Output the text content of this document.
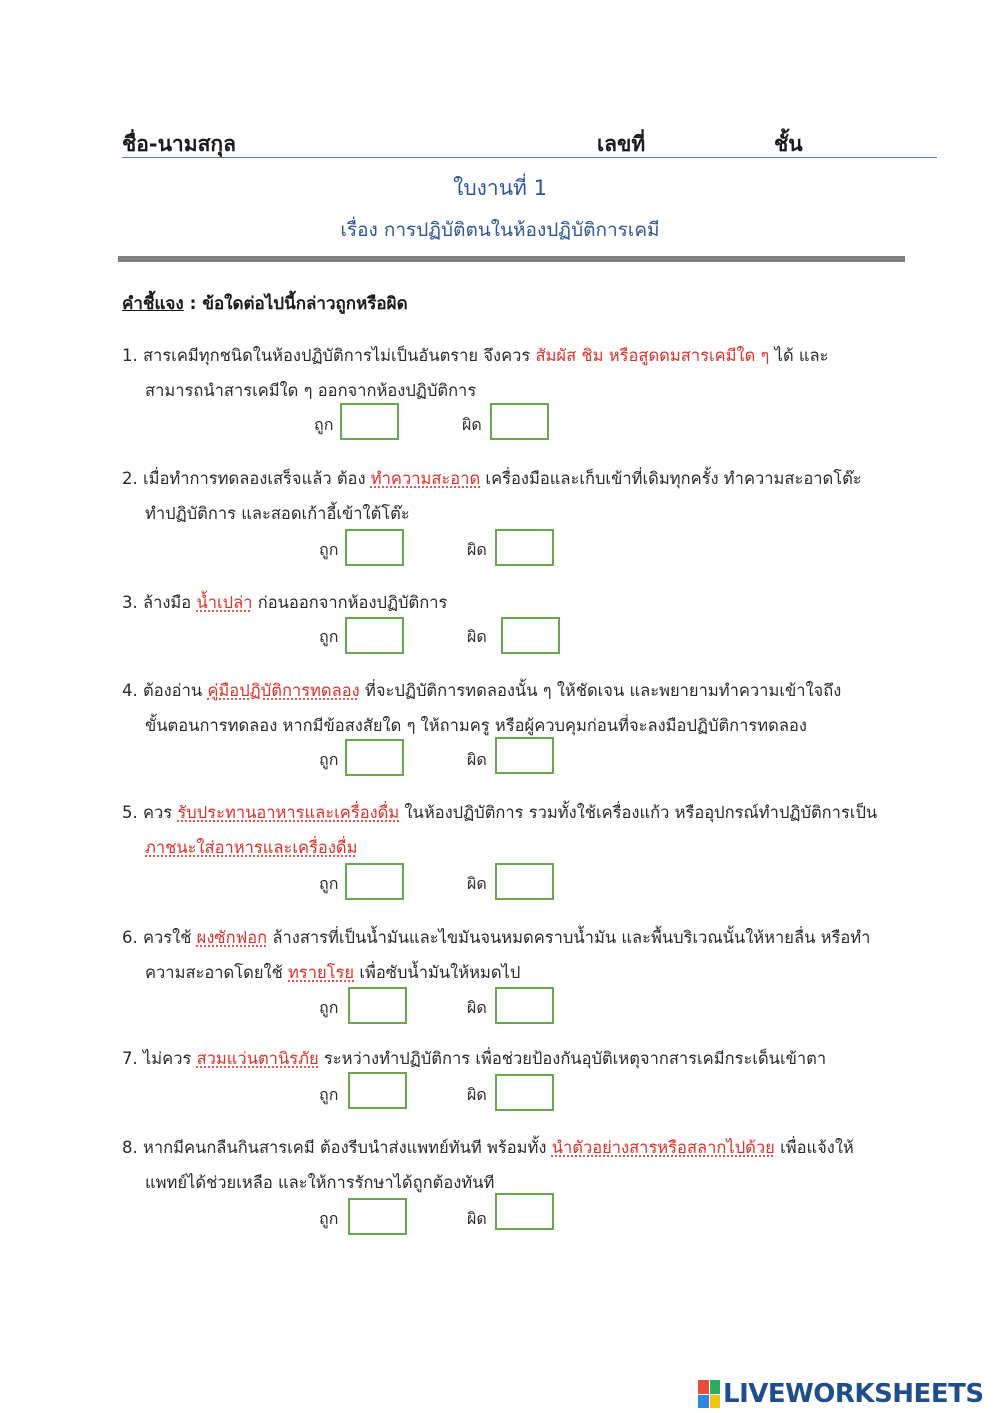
ชื่อ-นามสกุล	เลขที่	ชั้น
ใบงานที่ 1
เรื่อง การปฏิบัติตนในห้องปฏิบัติการเคมี
คำชี้แจง : ข้อใดต่อไปนี้กล่าวถูกหรือผิด
1. สารเคมีทุกชนิดในห้องปฏิบัติการไม่เป็นอันตราย จึงควร สัมผัส ชิม หรือสูดดมสารเคมีใด ๆ ได้ และ
สามารถนำสารเคมีใด ๆ ออกจากห้องปฏิบัติการ
ถูก	ผิด
2. เมื่อทำการทดลองเสร็จแล้ว ต้อง ทำความสะอาด เครื่องมือและเก็บเข้าที่เดิมทุกครั้ง ทำความสะอาดโต๊ะ
ทำปฏิบัติการ และสอดเก้าอี้เข้าใต้โต๊ะ
ถูก	ผิด
3. ล้างมือ น้ำเปล่า ก่อนออกจากห้องปฏิบัติการ
ถูก	ผิด
4. ต้องอ่าน คู่มือปฏิบัติการทดลอง ที่จะปฏิบัติการทดลองนั้น ๆ ให้ชัดเจน และพยายามทำความเข้าใจถึง
ขั้นตอนการทดลอง หากมีข้อสงสัยใด ๆ ให้ถามครู หรือผู้ควบคุมก่อนที่จะลงมือปฏิบัติการทดลอง
ถูก	ผิด
5. ควร รับประทานอาหารและเครื่องดื่ม ในห้องปฏิบัติการ รวมทั้งใช้เครื่องแก้ว หรืออุปกรณ์ทำปฏิบัติการเป็น
ภาชนะใส่อาหารและเครื่องดื่ม
ถูก	ผิด
6. ควรใช้ ผงซักฟอก ล้างสารที่เป็นน้ำมันและไขมันจนหมดคราบน้ำมัน และพื้นบริเวณนั้นให้หายลื่น หรือทำ
ความสะอาดโดยใช้ ทรายโรย เพื่อซับน้ำมันให้หมดไป
ถูก	ผิด
7. ไม่ควร สวมแว่นตานิรภัย ระหว่างทำปฏิบัติการ เพื่อช่วยป้องกันอุบัติเหตุจากสารเคมีกระเด็นเข้าตา
ถูก	ผิด
8. หากมีคนกลืนกินสารเคมี ต้องรีบนำส่งแพทย์ทันที พร้อมทั้ง นำตัวอย่างสารหรือสลากไปด้วย เพื่อแจ้งให้
แพทย์ได้ช่วยเหลือ และให้การรักษาได้ถูกต้องทันที
ถูก	ผิด
LIVEWORKSHEETS
